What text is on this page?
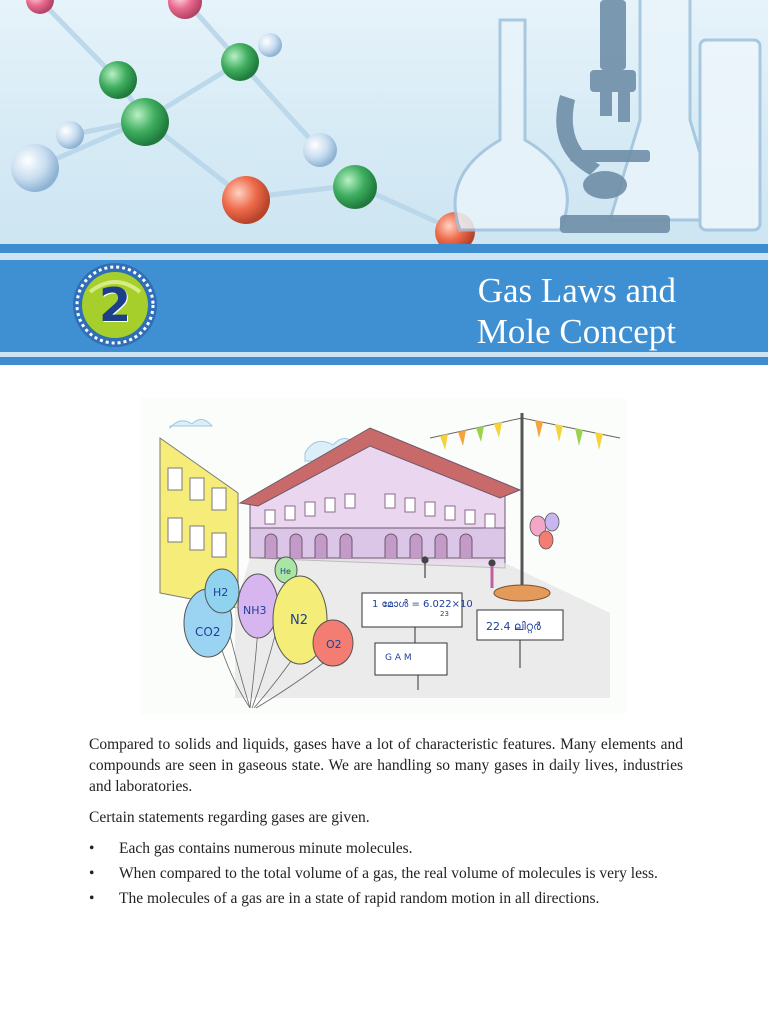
2	Gas Laws and
Mole Concept
1 മോൾ = 6.022×10
23
22.4 ലിറ്റർ
G A M
CO2
H2
NH3
He
N2
O2

Compared to solids and liquids, gases have a lot of characteristic features. Many elements and compounds are seen in gaseous state. We are handling so many gases in daily lives, industries and laboratories.

Certain statements regarding gases are given.

• Each gas contains numerous minute molecules.
• When compared to the total volume of a gas, the real volume of molecules is very less.
• The molecules of a gas are in a state of rapid random motion in all directions.
